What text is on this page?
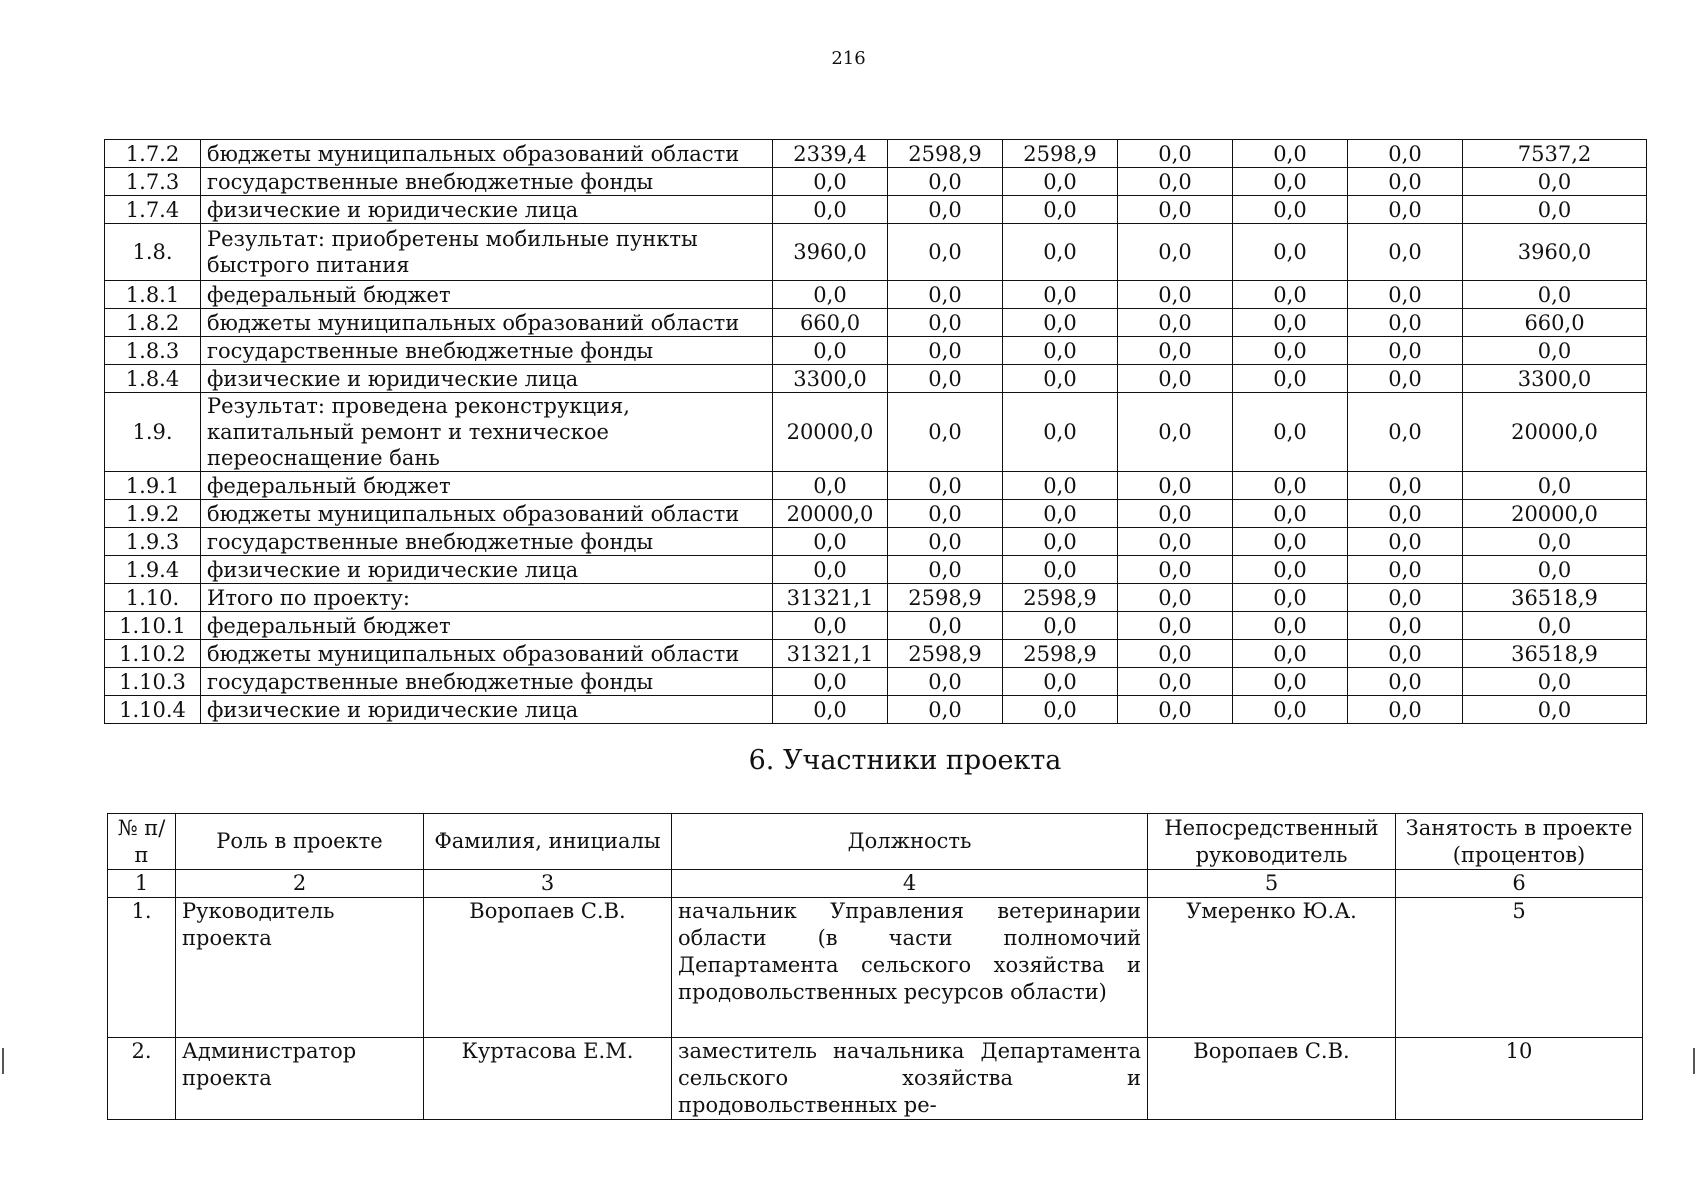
216
1.7.2	бюджеты муниципальных образований области	2339,4	2598,9	2598,9	0,0	0,0	0,0	7537,2
1.7.3	государственные внебюджетные фонды	0,0	0,0	0,0	0,0	0,0	0,0	0,0
1.7.4	физические и юридические лица	0,0	0,0	0,0	0,0	0,0	0,0	0,0
1.8.	Результат: приобретены мобильные пункты быстрого питания	3960,0	0,0	0,0	0,0	0,0	0,0	3960,0
1.8.1	федеральный бюджет	0,0	0,0	0,0	0,0	0,0	0,0	0,0
1.8.2	бюджеты муниципальных образований области	660,0	0,0	0,0	0,0	0,0	0,0	660,0
1.8.3	государственные внебюджетные фонды	0,0	0,0	0,0	0,0	0,0	0,0	0,0
1.8.4	физические и юридические лица	3300,0	0,0	0,0	0,0	0,0	0,0	3300,0
1.9.	Результат: проведена реконструкция, капитальный ремонт и техническое переоснащение бань	20000,0	0,0	0,0	0,0	0,0	0,0	20000,0
1.9.1	федеральный бюджет	0,0	0,0	0,0	0,0	0,0	0,0	0,0
1.9.2	бюджеты муниципальных образований области	20000,0	0,0	0,0	0,0	0,0	0,0	20000,0
1.9.3	государственные внебюджетные фонды	0,0	0,0	0,0	0,0	0,0	0,0	0,0
1.9.4	физические и юридические лица	0,0	0,0	0,0	0,0	0,0	0,0	0,0
1.10.	Итого по проекту:	31321,1	2598,9	2598,9	0,0	0,0	0,0	36518,9
1.10.1	федеральный бюджет	0,0	0,0	0,0	0,0	0,0	0,0	0,0
1.10.2	бюджеты муниципальных образований области	31321,1	2598,9	2598,9	0,0	0,0	0,0	36518,9
1.10.3	государственные внебюджетные фонды	0,0	0,0	0,0	0,0	0,0	0,0	0,0
1.10.4	физические и юридические лица	0,0	0,0	0,0	0,0	0,0	0,0	0,0
6. Участники проекта
№ п/п	Роль в проекте	Фамилия, инициалы	Должность	Непосредственный руководитель	Занятость в проекте (процентов)
1	2	3	4	5	6
1.	Руководитель проекта	Воропаев С.В.	начальник Управления ветеринарии области (в части полномочий Департамента сельского хозяйства и продовольственных ресурсов области)	Умеренко Ю.А.	5
2.	Администратор проекта	Куртасова Е.М.	заместитель начальника Департамента сельского хозяйства и продовольственных ре-	Воропаев С.В.	10
